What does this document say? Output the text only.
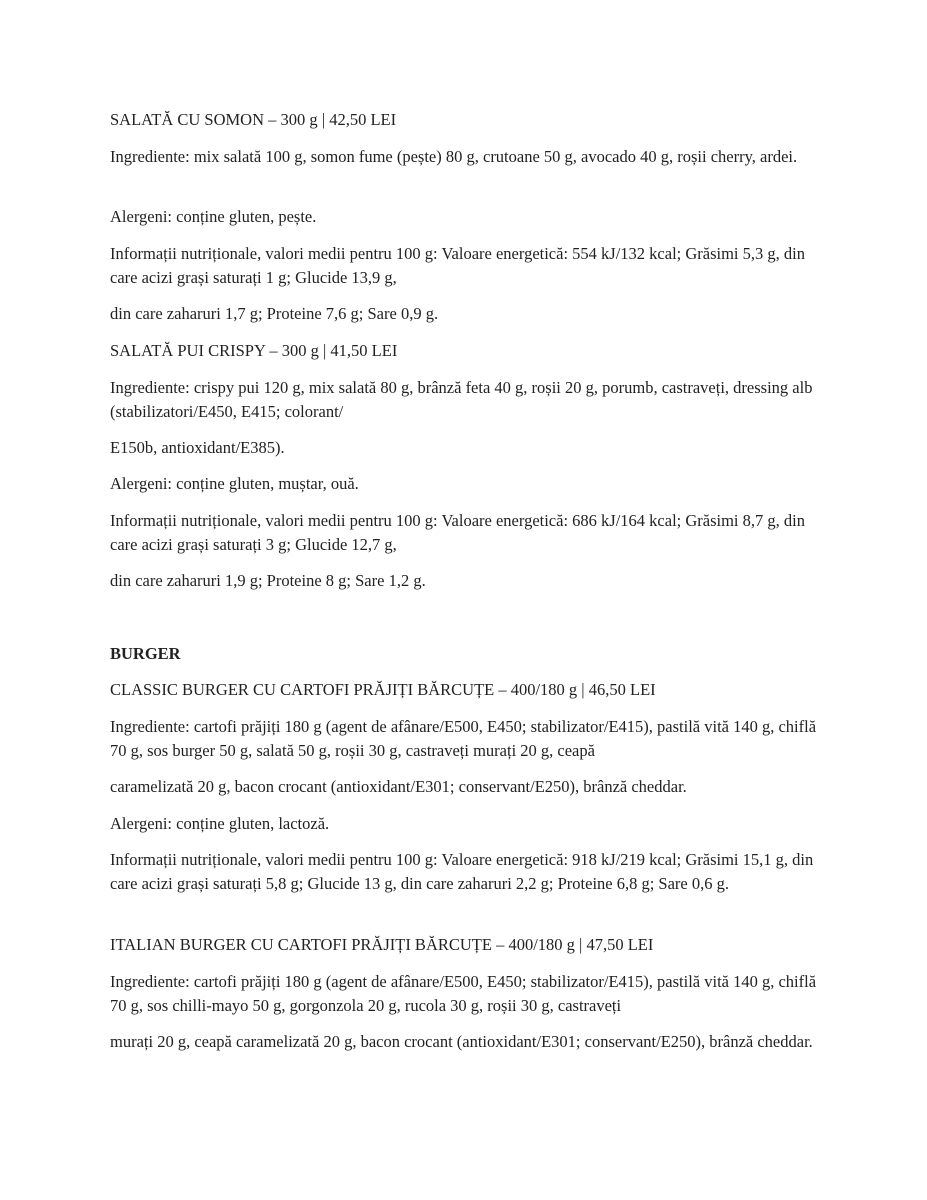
SALATĂ CU SOMON – 300 g | 42,50 LEI

Ingrediente: mix salată 100 g, somon fume (pește) 80 g, crutoane 50 g, avocado 40 g, roșii cherry, ardei.

Alergeni: conține gluten, pește.

Informații nutriționale, valori medii pentru 100 g: Valoare energetică: 554 kJ/132 kcal; Grăsimi 5,3 g, din care acizi grași saturați 1 g; Glucide 13,9 g,

din care zaharuri 1,7 g; Proteine 7,6 g; Sare 0,9 g.

SALATĂ PUI CRISPY – 300 g | 41,50 LEI

Ingrediente: crispy pui 120 g, mix salată 80 g, brânză feta 40 g, roșii 20 g, porumb, castraveți, dressing alb (stabilizatori/E450, E415; colorant/

E150b, antioxidant/E385).

Alergeni: conține gluten, muștar, ouă.

Informații nutriționale, valori medii pentru 100 g: Valoare energetică: 686 kJ/164 kcal; Grăsimi 8,7 g, din care acizi grași saturați 3 g; Glucide 12,7 g,

din care zaharuri 1,9 g; Proteine 8 g; Sare 1,2 g.

BURGER

CLASSIC BURGER CU CARTOFI PRĂJIȚI BĂRCUȚE – 400/180 g | 46,50 LEI

Ingrediente: cartofi prăjiți 180 g (agent de afânare/E500, E450; stabilizator/E415), pastilă vită 140 g, chiflă 70 g, sos burger 50 g, salată 50 g, roșii 30 g, castraveți murați 20 g, ceapă

caramelizată 20 g, bacon crocant (antioxidant/E301; conservant/E250), brânză cheddar.

Alergeni: conține gluten, lactoză.

Informații nutriționale, valori medii pentru 100 g: Valoare energetică: 918 kJ/219 kcal; Grăsimi 15,1 g, din care acizi grași saturați 5,8 g; Glucide 13 g, din care zaharuri 2,2 g; Proteine 6,8 g; Sare 0,6 g.

ITALIAN BURGER CU CARTOFI PRĂJIȚI BĂRCUȚE – 400/180 g | 47,50 LEI

Ingrediente: cartofi prăjiți 180 g (agent de afânare/E500, E450; stabilizator/E415), pastilă vită 140 g, chiflă 70 g, sos chilli-mayo 50 g, gorgonzola 20 g, rucola 30 g, roșii 30 g, castraveți

murați 20 g, ceapă caramelizată 20 g, bacon crocant (antioxidant/E301; conservant/E250), brânză cheddar.
